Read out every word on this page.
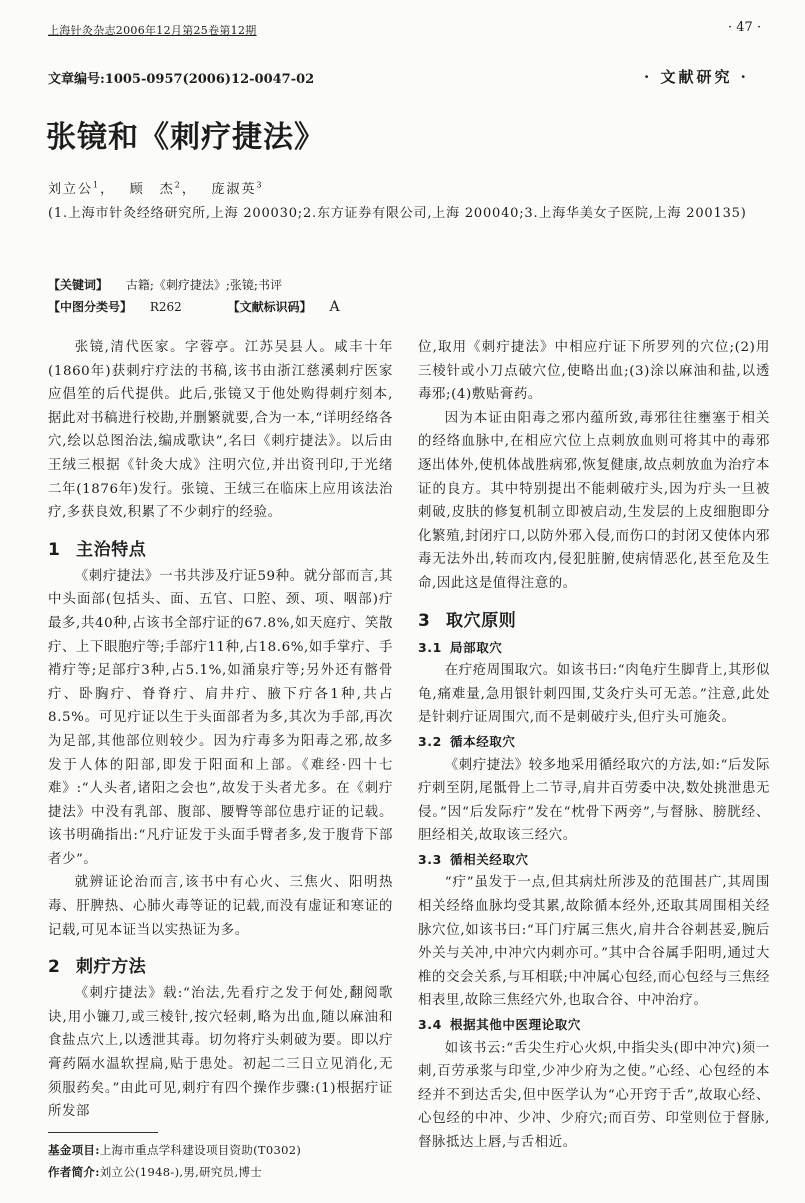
上海针灸杂志2006年12月第25卷第12期	· 47 ·
文章编号:1005-0957(2006)12-0047-02	· 文献研究 ·
张镜和《刺疗捷法》
刘立公$^1$，　 顾　杰$^2$，　 庞淑英$^3$
(1.上海市针灸经络研究所,上海 200030;2.东方证券有限公司,上海 200040;3.上海华美女子医院,上海 200135)
【关键词】 古籍;《刺疗捷法》;张镜;书评
【中图分类号】 R262	【文献标识码】 A

张镜,清代医家。字蓉亭。江苏吴县人。咸丰十年(1860年)获刺疔疗法的书稿,该书由浙江慈溪刺疔医家应倡笙的后代提供。此后,张镜又于他处购得刺疔刻本,据此对书稿进行校勘,并删繁就要,合为一本,“详明经络各穴,绘以总图治法,编成歌诀”,名曰《刺疔捷法》。以后由王绒三根据《针灸大成》注明穴位,并出资刊印,于光绪二年(1876年)发行。张镜、王绒三在临床上应用该法治疗,多获良效,积累了不少刺疔的经验。

1 主治特点

《刺疔捷法》一书共涉及疔证59种。就分部而言,其中头面部(包括头、面、五官、口腔、颈、项、咽部)疔最多,共40种,占该书全部疔证的67.8%,如天庭疔、笑散疔、上下眼胞疔等;手部疔11种,占18.6%,如手掌疔、手褙疔等;足部疔3种,占5.1%,如涌泉疔等;另外还有髂骨疔、卧胸疔、脊脊疔、肩井疔、腋下疔各1种,共占8.5%。可见疔证以生于头面部者为多,其次为手部,再次为足部,其他部位则较少。因为疔毒多为阳毒之邪,故多发于人体的阳部,即发于阳面和上部。《难经·四十七难》:“人头者,诸阳之会也”,故发于头者尤多。在《刺疔捷法》中没有乳部、腹部、腰臀等部位患疔证的记载。该书明确指出:“凡疔证发于头面手臂者多,发于腹背下部者少”。

就辨证论治而言,该书中有心火、三焦火、阳明热毒、肝脾热、心肺火毒等证的记载,而没有虚证和寒证的记载,可见本证当以实热证为多。

2 刺疔方法

《刺疔捷法》载:“治法,先看疔之发于何处,翻阅歌诀,用小镰刀,或三棱针,按穴轻刺,略为出血,随以麻油和食盐点穴上,以透泄其毒。切勿将疔头刺破为要。即以疔膏药隔水温软捏扁,贴于患处。初起二三日立见消化,无须服药矣。”由此可见,刺疔有四个操作步骤:(1)根据疔证所发部

基金项目:上海市重点学科建设项目资助(T0302)
作者简介:刘立公(1948-),男,研究员,博士

位,取用《刺疔捷法》中相应疔证下所罗列的穴位;(2)用三棱针或小刀点破穴位,使略出血;(3)涂以麻油和盐,以透毒邪;(4)敷贴膏药。

因为本证由阳毒之邪内蕴所致,毒邪往往壅塞于相关的经络血脉中,在相应穴位上点刺放血则可将其中的毒邪逐出体外,使机体战胜病邪,恢复健康,故点刺放血为治疗本证的良方。其中特别提出不能刺破疔头,因为疔头一旦被刺破,皮肤的修复机制立即被启动,生发层的上皮细胞即分化繁殖,封闭疔口,以防外邪入侵,而伤口的封闭又使体内邪毒无法外出,转而攻内,侵犯脏腑,使病情恶化,甚至危及生命,因此这是值得注意的。

3 取穴原则
3.1 局部取穴

在疔疮周围取穴。如该书曰:“肉龟疔生脚背上,其形似龟,痛难量,急用银针刺四围,艾灸疔头可无恙。”注意,此处是针刺疔证周围穴,而不是刺破疔头,但疔头可施灸。

3.2 循本经取穴

《刺疔捷法》较多地采用循经取穴的方法,如:“后发际疔刺至阴,尾骶骨上二节寻,肩井百劳委中决,数处挑泄患无侵。”因“后发际疔”发在“枕骨下两旁”,与督脉、膀胱经、胆经相关,故取该三经穴。

3.3 循相关经取穴

“疔”虽发于一点,但其病灶所涉及的范围甚广,其周围相关经络血脉均受其累,故除循本经外,还取其周围相关经脉穴位,如该书曰:“耳门疔属三焦火,肩井合谷刺甚妥,腕后外关与关冲,中冲穴内刺亦可。”其中合谷属手阳明,通过大椎的交会关系,与耳相联;中冲属心包经,而心包经与三焦经相表里,故除三焦经穴外,也取合谷、中冲治疗。

3.4 根据其他中医理论取穴

如该书云:“舌尖生疔心火炽,中指尖头(即中冲穴)须一刺,百劳承浆与印堂,少冲少府为之使。”心经、心包经的本经并不到达舌尖,但中医学认为“心开窍于舌”,故取心经、心包经的中冲、少冲、少府穴;而百劳、印堂则位于督脉,督脉抵达上唇,与舌相近。
